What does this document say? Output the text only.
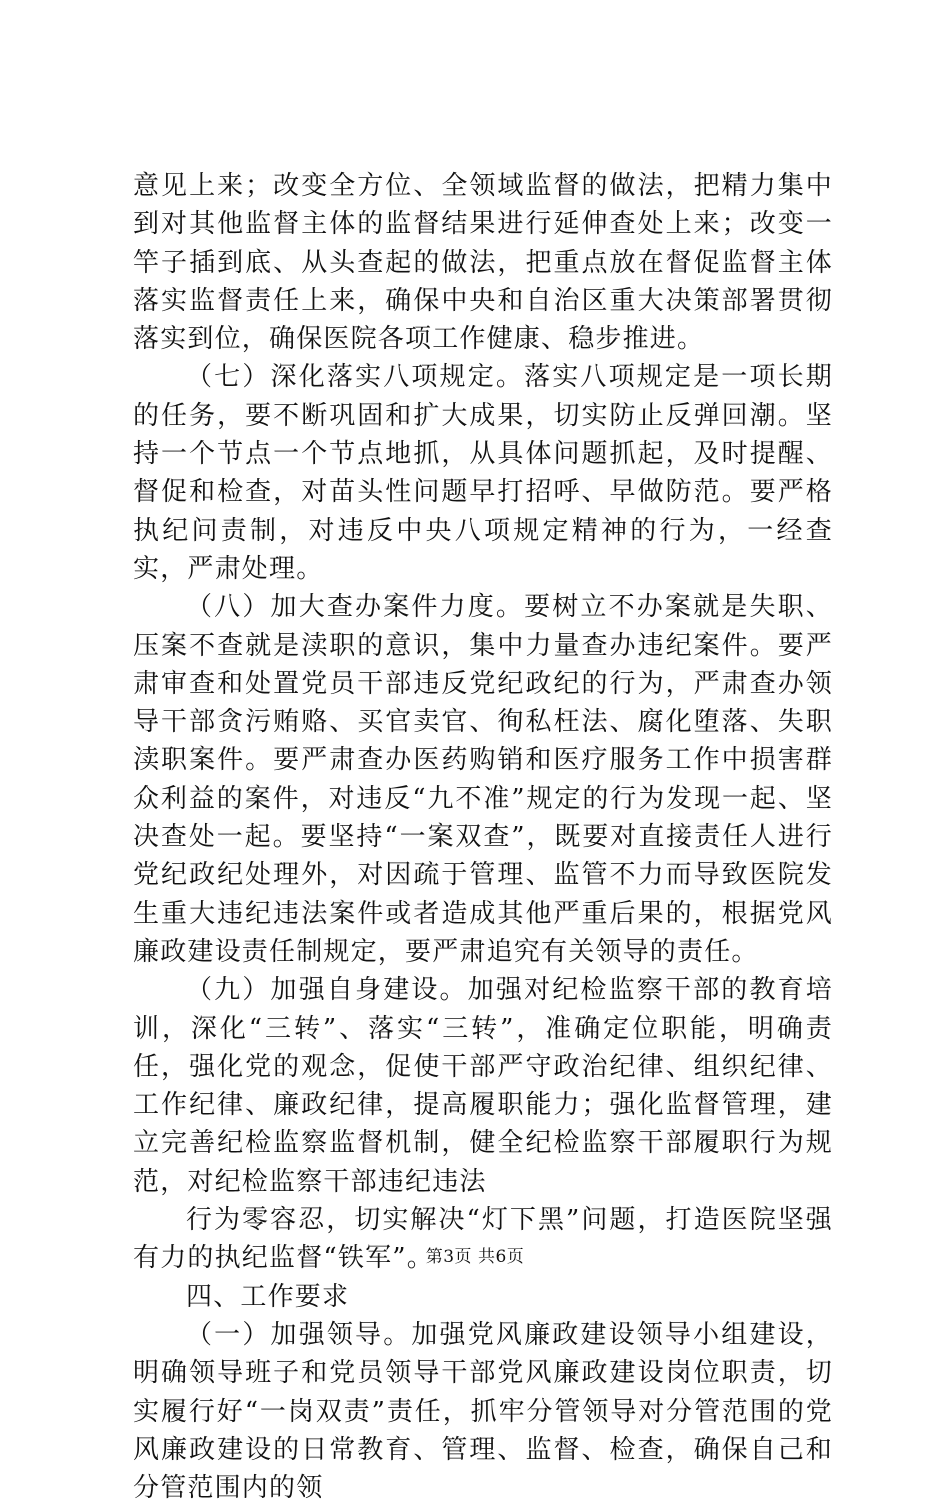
意见上来；改变全方位、全领域监督的做法，把精力集中到对其他监督主体的监督结果进行延伸查处上来；改变一竿子插到底、从头查起的做法，把重点放在督促监督主体落实监督责任上来，确保中央和自治区重大决策部署贯彻落实到位，确保医院各项工作健康、稳步推进。

（七）深化落实八项规定。落实八项规定是一项长期的任务，要不断巩固和扩大成果，切实防止反弹回潮。坚持一个节点一个节点地抓，从具体问题抓起，及时提醒、督促和检查，对苗头性问题早打招呼、早做防范。要严格执纪问责制，对违反中央八项规定精神的行为，一经查实，严肃处理。

（八）加大查办案件力度。要树立不办案就是失职、压案不查就是渎职的意识，集中力量查办违纪案件。要严肃审查和处置党员干部违反党纪政纪的行为，严肃查办领导干部贪污贿赂、买官卖官、徇私枉法、腐化堕落、失职渎职案件。要严肃查办医药购销和医疗服务工作中损害群众利益的案件，对违反“九不准”规定的行为发现一起、坚决查处一起。要坚持“一案双查”，既要对直接责任人进行党纪政纪处理外，对因疏于管理、监管不力而导致医院发生重大违纪违法案件或者造成其他严重后果的，根据党风廉政建设责任制规定，要严肃追究有关领导的责任。

（九）加强自身建设。加强对纪检监察干部的教育培训，深化“三转”、落实“三转”，准确定位职能，明确责任，强化党的观念，促使干部严守政治纪律、组织纪律、工作纪律、廉政纪律，提高履职能力；强化监督管理，建立完善纪检监察监督机制，健全纪检监察干部履职行为规范，对纪检监察干部违纪违法

行为零容忍，切实解决“灯下黑”问题，打造医院坚强有力的执纪监督“铁军”。

四、工作要求

（一）加强领导。加强党风廉政建设领导小组建设，明确领导班子和党员领导干部党风廉政建设岗位职责，切实履行好“一岗双责”责任，抓牢分管领导对分管范围的党风廉政建设的日常教育、管理、监督、检查，确保自己和分管范围内的领

第3页 共6页
